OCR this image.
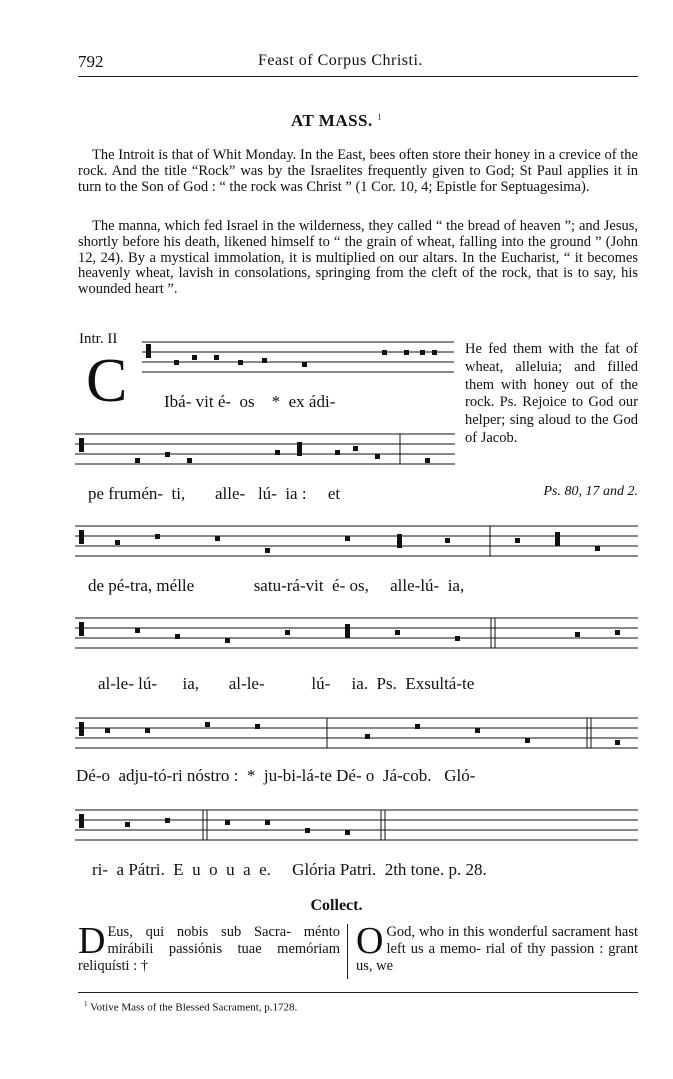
792	Feast of Corpus Christi.
AT MASS. $^1$
The Introit is that of Whit Monday. In the East, bees often store their honey in a crevice of the rock. And the title “Rock” was by the Israelites frequently given to God; St Paul applies it in turn to the Son of God : “ the rock was Christ ” (1 Cor. 10, 4; Epistle for Septuagesima).
The manna, which fed Israel in the wilderness, they called “ the bread of heaven ”; and Jesus, shortly before his death, likened himself to “ the grain of wheat, falling into the ground ” (John 12, 24). By a mystical immolation, it is multiplied on our altars. In the Eucharist, “ it becomes heavenly wheat, lavish in consolations, springing from the cleft of the rock, that is to say, his wounded heart ”.
Intr. II
C Ibá- vit é-  os    *  ex ádi-
pe frumén-  ti,       alle-   lú-  ia :     et
He fed them with the fat of wheat, alleluia; and filled them with honey out of the rock. Ps. Rejoice to God our helper; sing aloud to the God of Jacob.
Ps. 80, 17 and 2.
de pé-tra, mélle              satu-rá-vit  é- os,     alle-lú-  ia,
al-le- lú-      ia,       al-le-           lú-     ia.  Ps.  Exsultá-te
Dé-o  adju-tó-ri nóstro :  *  ju-bi-lá-te Dé- o  Já-cob.   Gló-
ri-  a Pátri.  E  u  o  u  a  e.     Glória Patri.  2th tone. p. 28.
Collect.
D Eus, qui nobis sub Sacra- ménto mirábili passiónis tuae memóriam reliquísti : †
O God, who in this wonderful sacrament hast left us a memo- rial of thy passion : grant us, we
$^1$ Votive Mass of the Blessed Sacrament, p.1728.
